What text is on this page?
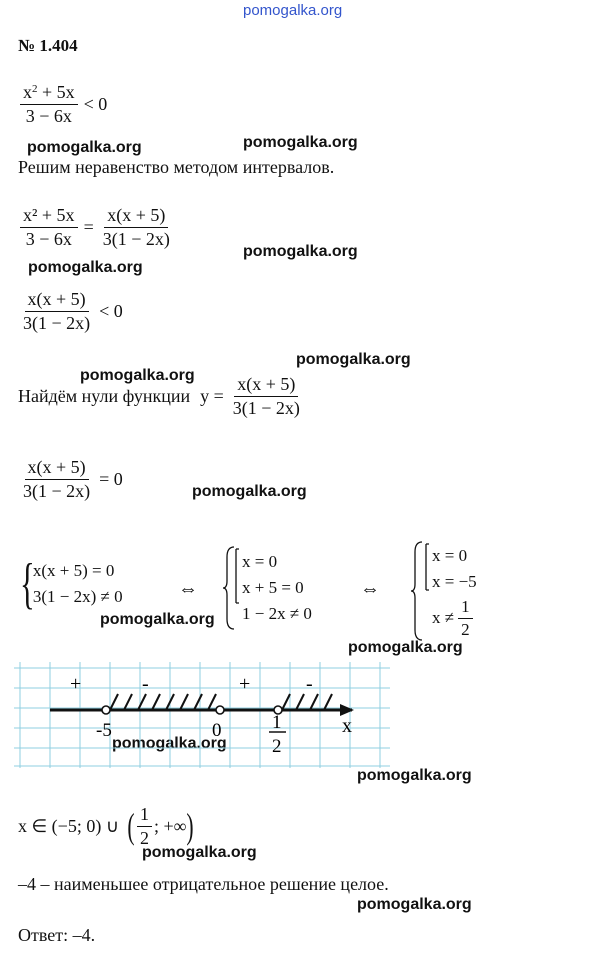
pomogalka.org
pomogalka.org	pomogalka.org
pomogalka.org
pomogalka.org
pomogalka.org
pomogalka.org
pomogalka.org
pomogalka.org
pomogalka.org
pomogalka.org
pomogalka.org
pomogalka.org
pomogalka.org
№ 1.404
$\frac{x^2 + 5x}{3 - 6x} < 0$
Решим неравенство методом интервалов.
$\frac{\text{x² + 5x}}{3 - 6x} = \frac{x(x + 5)}{3(1 - 2x)}$
$\frac{x(x + 5)}{3(1 - 2x)} < 0$
Найдём нули функции $y = \frac{x(x + 5)}{3(1 - 2x)}$
$\frac{x(x + 5)}{3(1 - 2x)} = 0$
{
x(x + 5) = 0
3(1 − 2x) ≠ 0	⇔
x = 0
x + 5 = 0
1 − 2x ≠ 0
⇔
x = 0
x = −5
$x \ne \frac{1}{2}$
+	-	+	-
-5	0	1
2
x
x ∈ (−5; 0) ∪ ( $\frac{1}{2}$ ; +∞ )
–4 – наименьшее отрицательное решение целое.
Ответ: –4.
